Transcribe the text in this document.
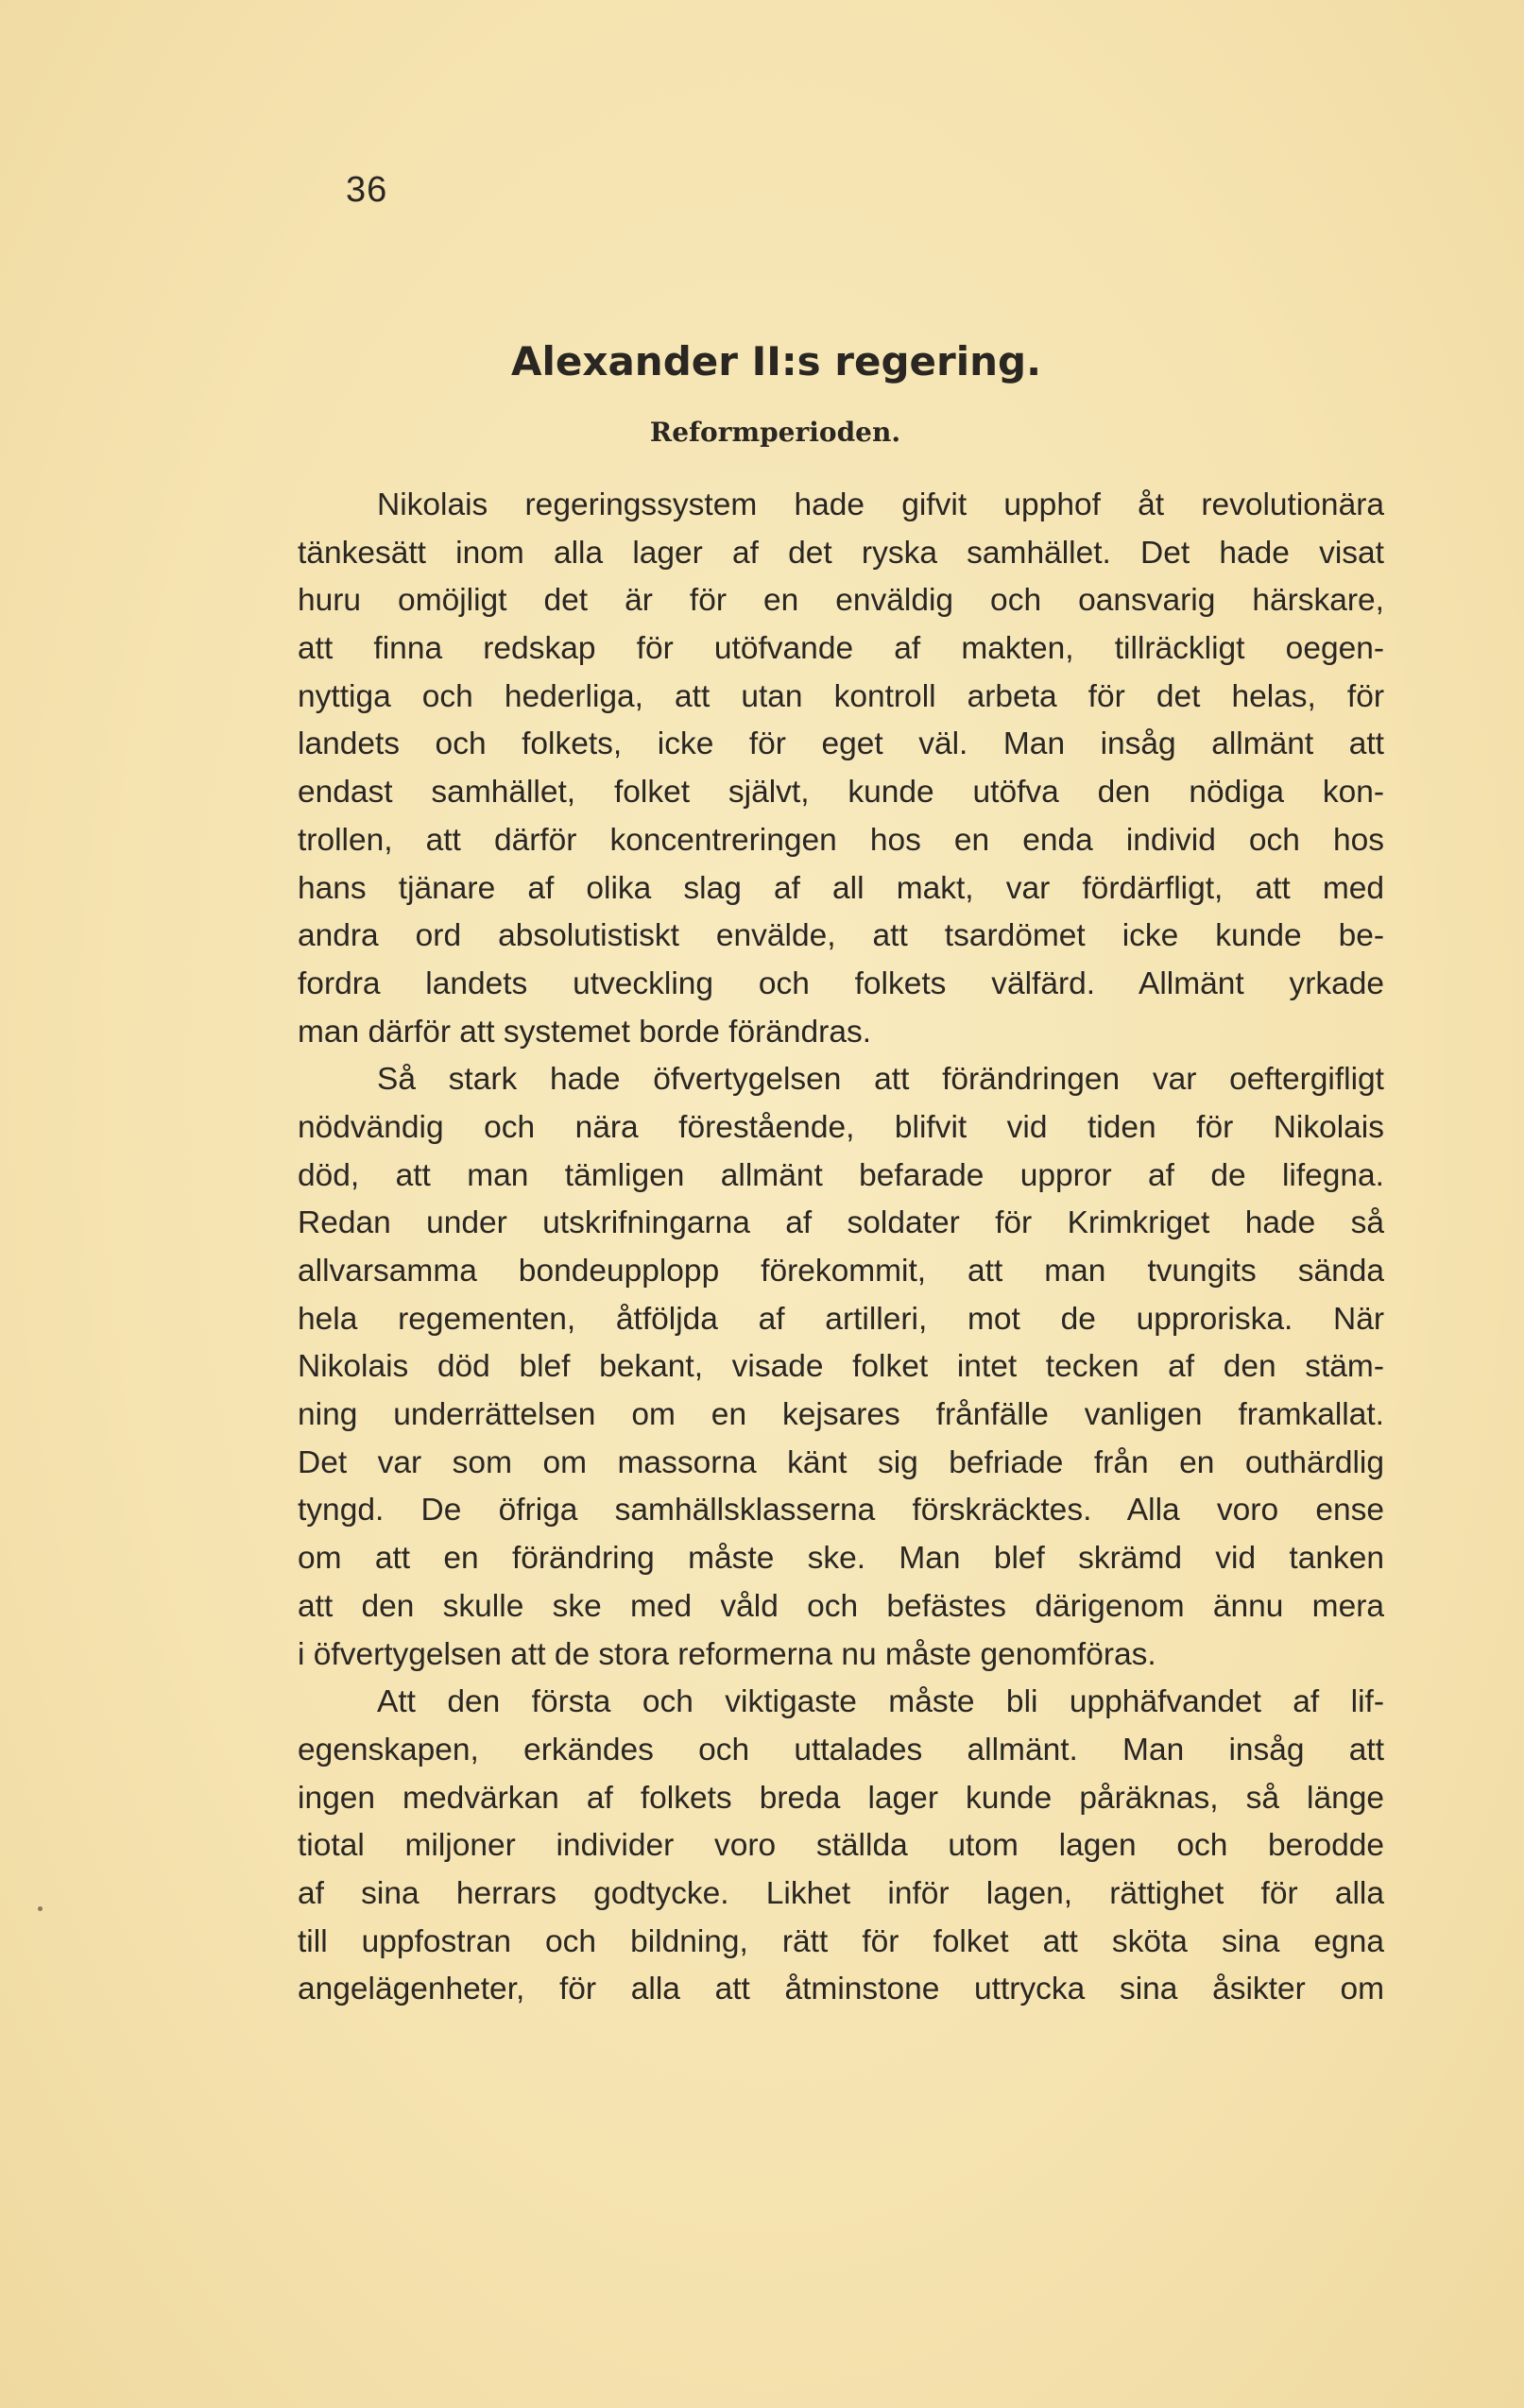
36
Alexander II:s regering.
Reformperioden.
Nikolais regeringssystem hade gifvit upphof åt revolutionära
tänkesätt inom alla lager af det ryska samhället. Det hade visat
huru omöjligt det är för en enväldig och oansvarig härskare,
att finna redskap för utöfvande af makten, tillräckligt oegen-
nyttiga och hederliga, att utan kontroll arbeta för det helas, för
landets och folkets, icke för eget väl. Man insåg allmänt att
endast samhället, folket självt, kunde utöfva den nödiga kon-
trollen, att därför koncentreringen hos en enda individ och hos
hans tjänare af olika slag af all makt, var fördärfligt, att med
andra ord absolutistiskt envälde, att tsardömet icke kunde be-
fordra landets utveckling och folkets välfärd. Allmänt yrkade
man därför att systemet borde förändras.
Så stark hade öfvertygelsen att förändringen var oeftergifligt
nödvändig och nära förestående, blifvit vid tiden för Nikolais
död, att man tämligen allmänt befarade uppror af de lifegna.
Redan under utskrifningarna af soldater för Krimkriget hade så
allvarsamma bondeupplopp förekommit, att man tvungits sända
hela regementen, åtföljda af artilleri, mot de upproriska. När
Nikolais död blef bekant, visade folket intet tecken af den stäm-
ning underrättelsen om en kejsares frånfälle vanligen framkallat.
Det var som om massorna känt sig befriade från en outhärdlig
tyngd. De öfriga samhällsklasserna förskräcktes. Alla voro ense
om att en förändring måste ske. Man blef skrämd vid tanken
att den skulle ske med våld och befästes därigenom ännu mera
i öfvertygelsen att de stora reformerna nu måste genomföras.
Att den första och viktigaste måste bli upphäfvandet af lif-
egenskapen, erkändes och uttalades allmänt. Man insåg att
ingen medvärkan af folkets breda lager kunde påräknas, så länge
tiotal miljoner individer voro ställda utom lagen och berodde
af sina herrars godtycke. Likhet inför lagen, rättighet för alla
till uppfostran och bildning, rätt för folket att sköta sina egna
angelägenheter, för alla att åtminstone uttrycka sina åsikter om
